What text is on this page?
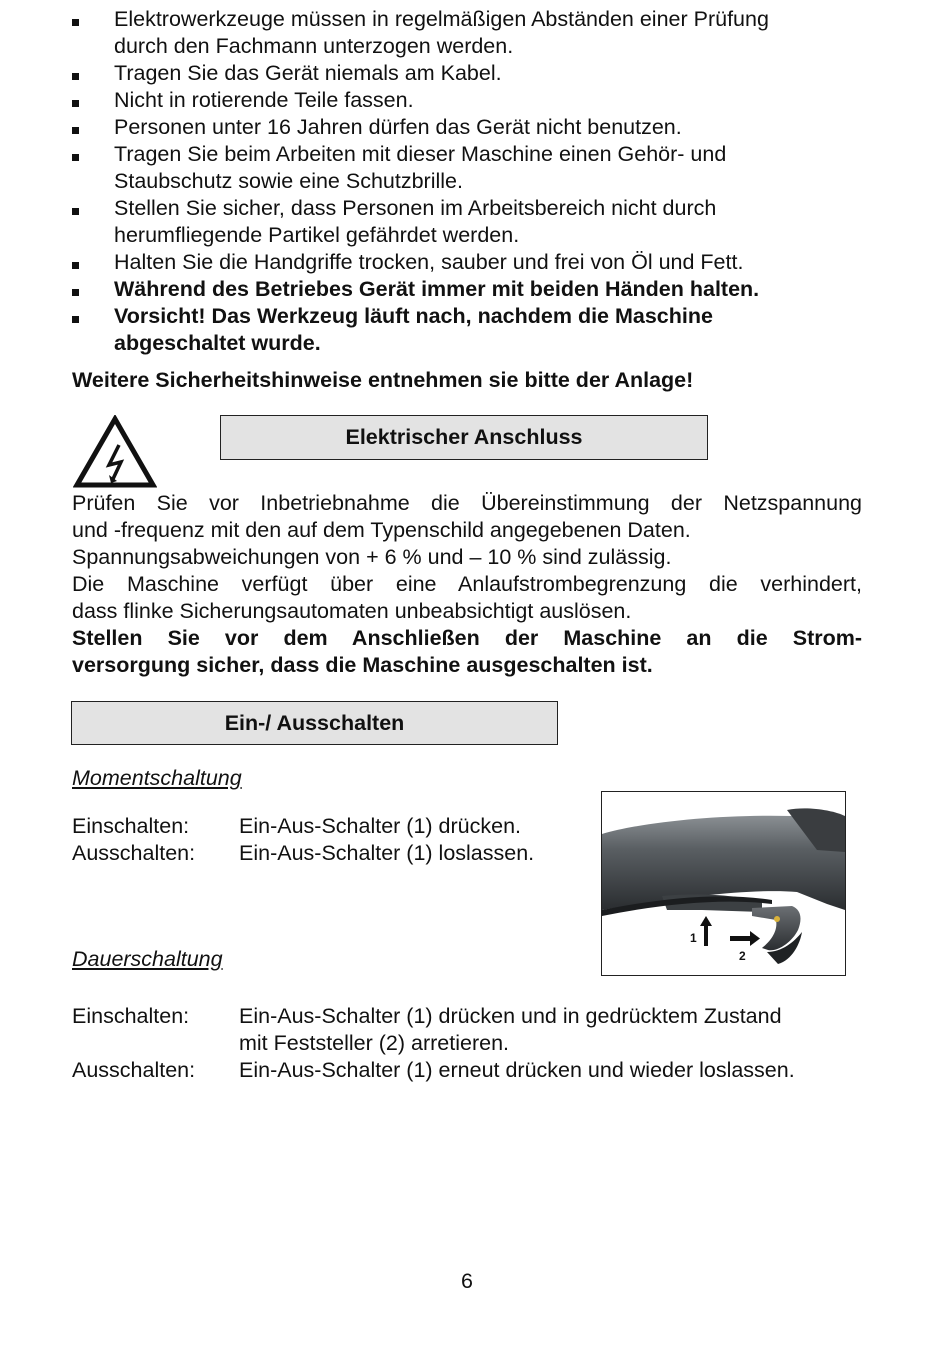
Elektrowerkzeuge müssen in regelmäßigen Abständen einer Prüfung
durch den Fachmann unterzogen werden.
Tragen Sie das Gerät niemals am Kabel.
Nicht in rotierende Teile fassen.
Personen unter 16 Jahren dürfen das Gerät nicht benutzen.
Tragen Sie beim Arbeiten mit dieser Maschine einen Gehör- und
Staubschutz sowie eine Schutzbrille.
Stellen Sie sicher, dass Personen im Arbeitsbereich nicht durch
herumfliegende Partikel gefährdet werden.
Halten Sie die Handgriffe trocken, sauber und frei von Öl und Fett.
Während des Betriebes Gerät immer mit beiden Händen halten.
Vorsicht! Das Werkzeug läuft nach, nachdem die Maschine
abgeschaltet wurde.
Weitere Sicherheitshinweise entnehmen sie bitte der Anlage!
Elektrischer Anschluss
Prüfen Sie vor Inbetriebnahme die Übereinstimmung der Netzspannung
und -frequenz mit den auf dem Typenschild angegebenen Daten.
Spannungsabweichungen von + 6 % und – 10 % sind zulässig.
Die Maschine verfügt über eine Anlaufstrombegrenzung die verhindert,
dass flinke Sicherungsautomaten unbeabsichtigt auslösen.
Stellen Sie vor dem Anschließen der Maschine an die Strom-
versorgung sicher, dass die Maschine ausgeschalten ist.
Ein-/ Ausschalten
Momentschaltung
Einschalten: Ein-Aus-Schalter (1) drücken.
Ausschalten: Ein-Aus-Schalter (1) loslassen.
1
2
Dauerschaltung
Einschalten: Ein-Aus-Schalter (1) drücken und in gedrücktem Zustand
mit Feststeller (2) arretieren.
Ausschalten: Ein-Aus-Schalter (1) erneut drücken und wieder loslassen.
6
